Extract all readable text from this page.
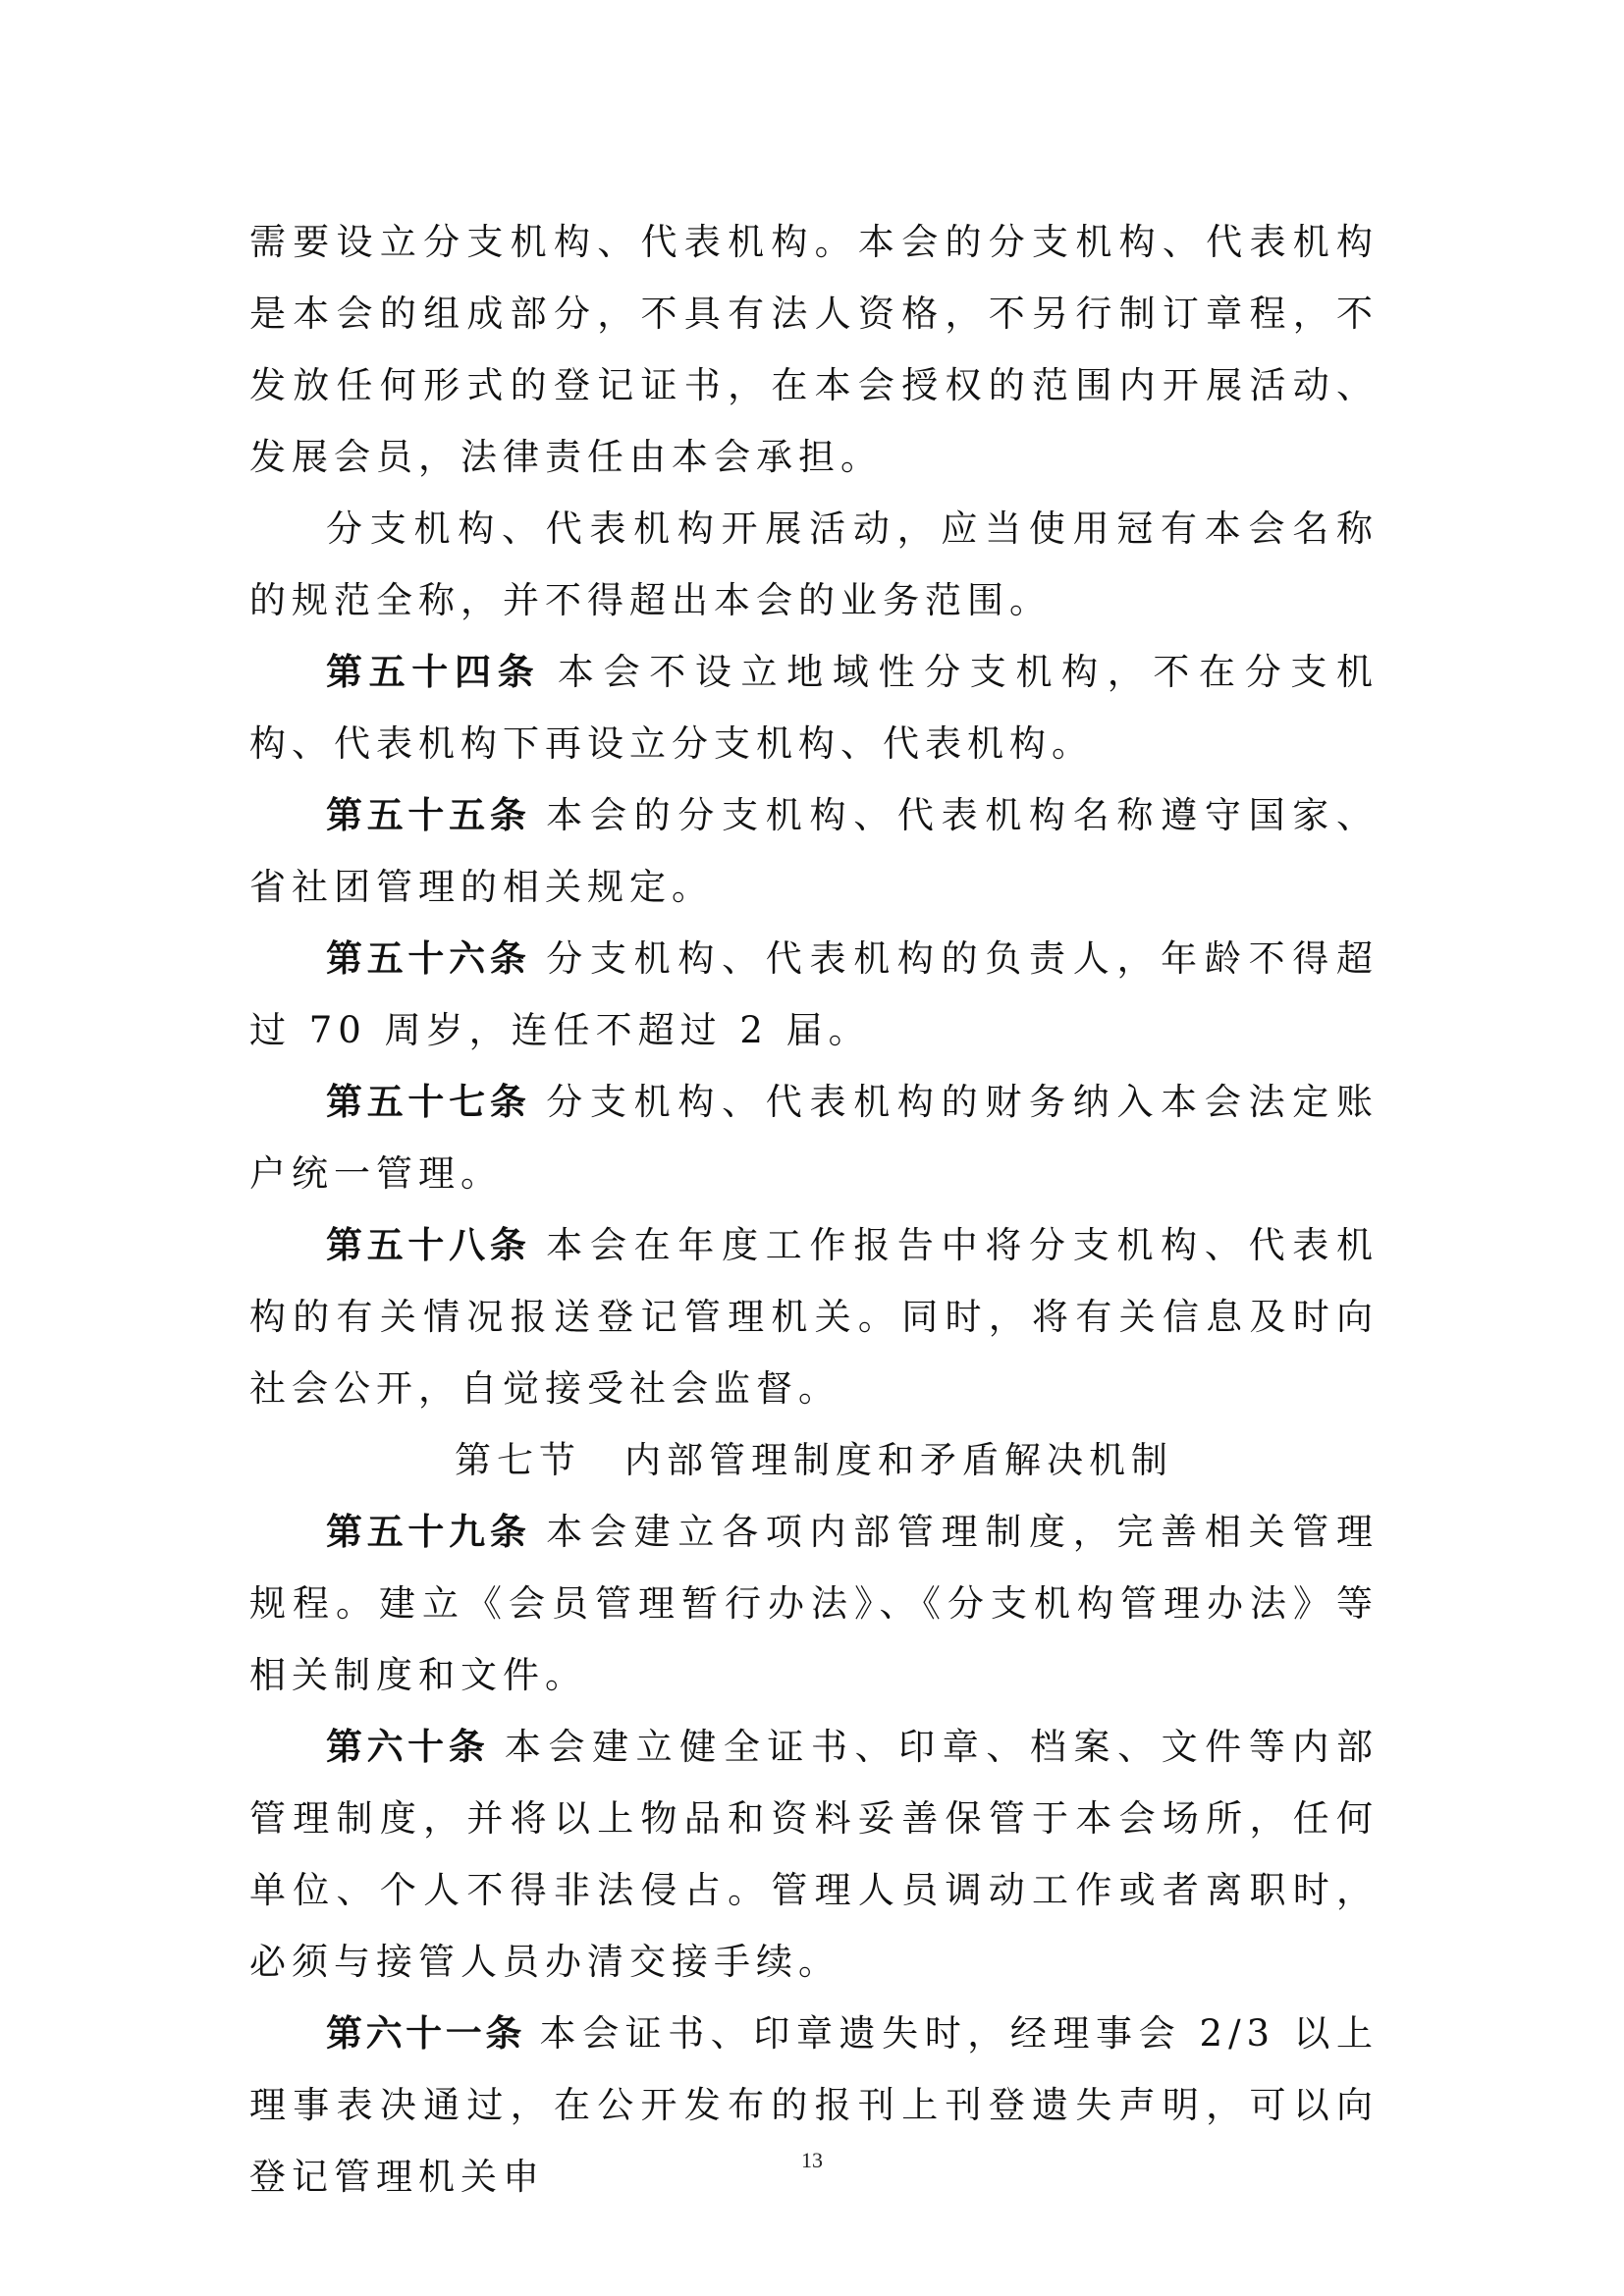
需要设立分支机构、代表机构。本会的分支机构、代表机构是本会的组成部分，不具有法人资格，不另行制订章程，不发放任何形式的登记证书，在本会授权的范围内开展活动、发展会员，法律责任由本会承担。

分支机构、代表机构开展活动，应当使用冠有本会名称的规范全称，并不得超出本会的业务范围。

第五十四条 本会不设立地域性分支机构，不在分支机构、代表机构下再设立分支机构、代表机构。

第五十五条 本会的分支机构、代表机构名称遵守国家、省社团管理的相关规定。

第五十六条 分支机构、代表机构的负责人，年龄不得超过 70 周岁，连任不超过 2 届。

第五十七条 分支机构、代表机构的财务纳入本会法定账户统一管理。

第五十八条 本会在年度工作报告中将分支机构、代表机构的有关情况报送登记管理机关。同时，将有关信息及时向社会公开，自觉接受社会监督。

第七节 内部管理制度和矛盾解决机制

第五十九条 本会建立各项内部管理制度，完善相关管理规程。建立《会员管理暂行办法》、《分支机构管理办法》等相关制度和文件。

第六十条 本会建立健全证书、印章、档案、文件等内部管理制度，并将以上物品和资料妥善保管于本会场所，任何单位、个人不得非法侵占。管理人员调动工作或者离职时，必须与接管人员办清交接手续。

第六十一条 本会证书、印章遗失时，经理事会 2/3 以上理事表决通过，在公开发布的报刊上刊登遗失声明，可以向登记管理机关申	13
